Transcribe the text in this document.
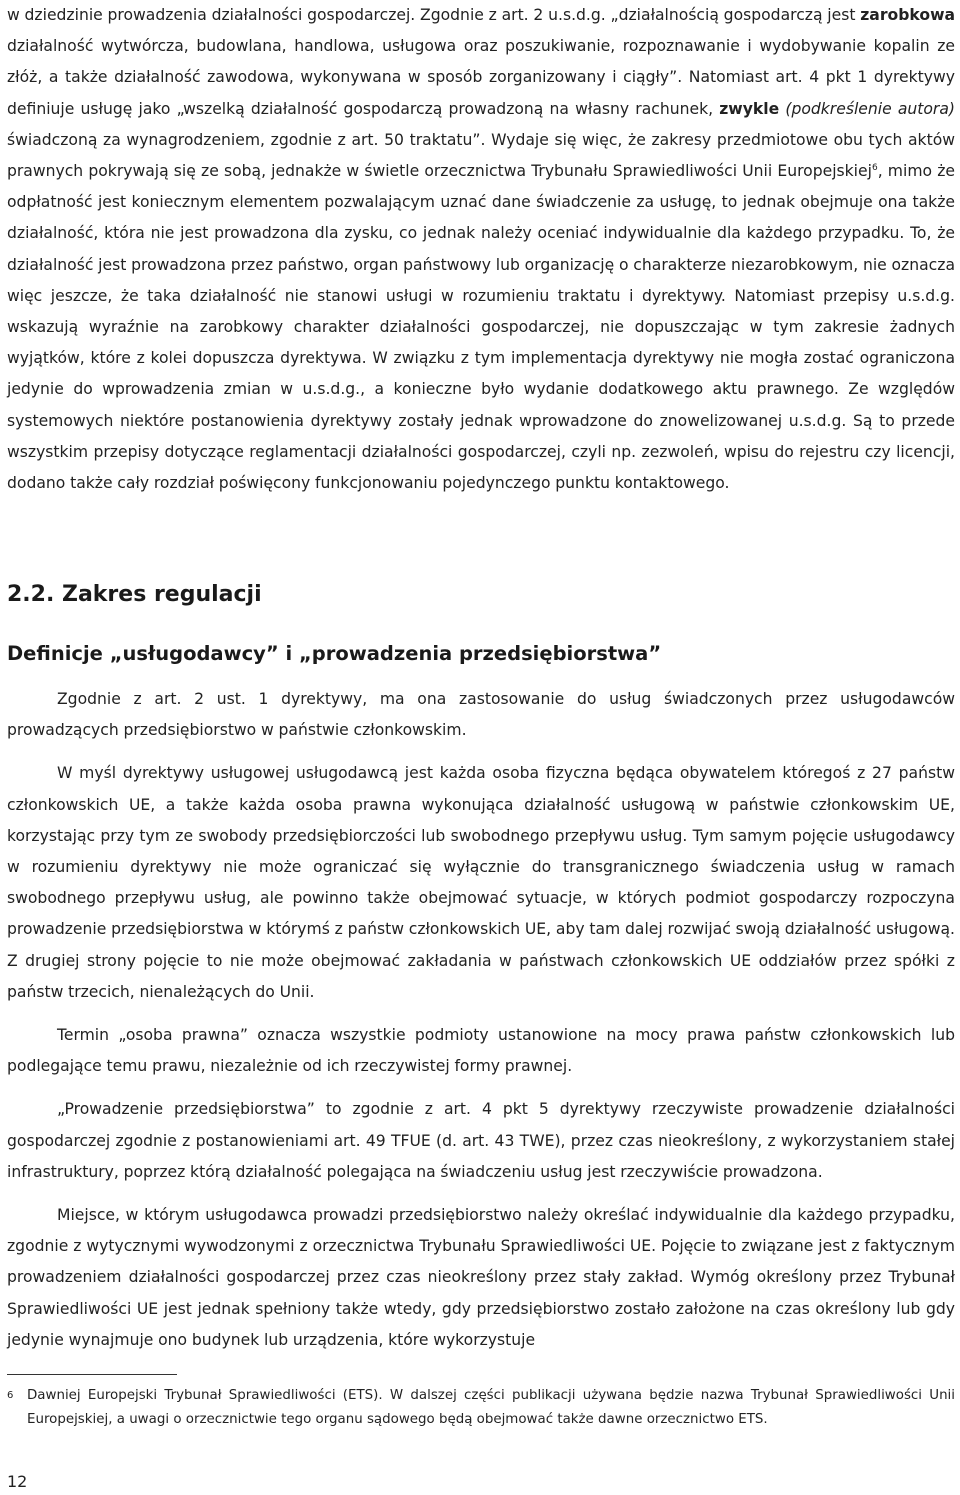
w dziedzinie prowadzenia działalności gospodarczej. Zgodnie z art. 2 u.s.d.g. „działalnością gospodarczą jest zarobkowa działalność wytwórcza, budowlana, handlowa, usługowa oraz poszukiwanie, rozpoznawanie i wydobywanie kopalin ze złóż, a także działalność zawodowa, wykonywana w sposób zorganizowany i ciągły”. Natomiast art. 4 pkt 1 dyrektywy definiuje usługę jako „wszelką działalność gospodarczą prowadzoną na własny rachunek, zwykle (podkreślenie autora) świadczoną za wynagrodzeniem, zgodnie z art. 50 traktatu”. Wydaje się więc, że zakresy przedmiotowe obu tych aktów prawnych pokrywają się ze sobą, jednakże w świetle orzecznictwa Trybunału Sprawiedliwości Unii Europejskiej$^6$, mimo że odpłatność jest koniecznym elementem pozwalającym uznać dane świadczenie za usługę, to jednak obejmuje ona także działalność, która nie jest prowadzona dla zysku, co jednak należy oceniać indywidualnie dla każdego przypadku. To, że działalność jest prowadzona przez państwo, organ państwowy lub organizację o charakterze niezarobkowym, nie oznacza więc jeszcze, że taka działalność nie stanowi usługi w rozumieniu traktatu i dyrektywy. Natomiast przepisy u.s.d.g. wskazują wyraźnie na zarobkowy charakter działalności gospodarczej, nie dopuszczając w tym zakresie żadnych wyjątków, które z kolei dopuszcza dyrektywa. W związku z tym implementacja dyrektywy nie mogła zostać ograniczona jedynie do wprowadzenia zmian w u.s.d.g., a konieczne było wydanie dodatkowego aktu prawnego. Ze względów systemowych niektóre postanowienia dyrektywy zostały jednak wprowadzone do znowelizowanej u.s.d.g. Są to przede wszystkim przepisy dotyczące reglamentacji działalności gospodarczej, czyli np. zezwoleń, wpisu do rejestru czy licencji, dodano także cały rozdział poświęcony funkcjonowaniu pojedynczego punktu kontaktowego.

2.2. Zakres regulacji
Definicje „usługodawcy” i „prowadzenia przedsiębiorstwa”

Zgodnie z art. 2 ust. 1 dyrektywy, ma ona zastosowanie do usług świadczonych przez usługodawców prowadzących przedsiębiorstwo w państwie członkowskim.

W myśl dyrektywy usługowej usługodawcą jest każda osoba fizyczna będąca obywatelem któregoś z 27 państw członkowskich UE, a także każda osoba prawna wykonująca działalność usługową w państwie członkowskim UE, korzystając przy tym ze swobody przedsiębiorczości lub swobodnego przepływu usług. Tym samym pojęcie usługodawcy w rozumieniu dyrektywy nie może ograniczać się wyłącznie do transgranicznego świadczenia usług w ramach swobodnego przepływu usług, ale powinno także obejmować sytuacje, w których podmiot gospodarczy rozpoczyna prowadzenie przedsiębiorstwa w którymś z państw członkowskich UE, aby tam dalej rozwijać swoją działalność usługową. Z drugiej strony pojęcie to nie może obejmować zakładania w państwach członkowskich UE oddziałów przez spółki z państw trzecich, nienależących do Unii.

Termin „osoba prawna” oznacza wszystkie podmioty ustanowione na mocy prawa państw członkowskich lub podlegające temu prawu, niezależnie od ich rzeczywistej formy prawnej.

„Prowadzenie przedsiębiorstwa” to zgodnie z art. 4 pkt 5 dyrektywy rzeczywiste prowadzenie działalności gospodarczej zgodnie z postanowieniami art. 49 TFUE (d. art. 43 TWE), przez czas nieokreślony, z wykorzystaniem stałej infrastruktury, poprzez którą działalność polegająca na świadczeniu usług jest rzeczywiście prowadzona.

Miejsce, w którym usługodawca prowadzi przedsiębiorstwo należy określać indywidualnie dla każdego przypadku, zgodnie z wytycznymi wywodzonymi z orzecznictwa Trybunału Sprawiedliwości UE. Pojęcie to związane jest z faktycznym prowadzeniem działalności gospodarczej przez czas nieokreślony przez stały zakład. Wymóg określony przez Trybunał Sprawiedliwości UE jest jednak spełniony także wtedy, gdy przedsiębiorstwo zostało założone na czas określony lub gdy jedynie wynajmuje ono budynek lub urządzenia, które wykorzystuje

6 Dawniej Europejski Trybunał Sprawiedliwości (ETS). W dalszej części publikacji używana będzie nazwa Trybunał Sprawiedliwości Unii Europejskiej, a uwagi o orzecznictwie tego organu sądowego będą obejmować także dawne orzecznictwo ETS.
12
